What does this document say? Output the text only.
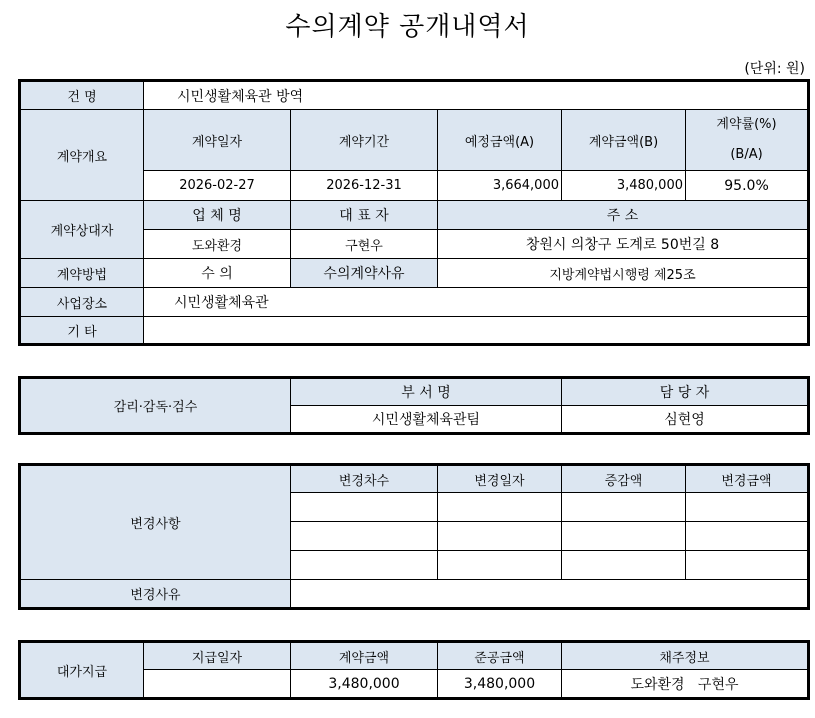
수의계약 공개내역서
(단위: 원)
건 명	시민생활체육관 방역				
계약개요	계약일자	계약기간	예정금액(A)	계약금액(B)	계약률(%)
(B/A)

	2026-02-27	2026-12-31	3,664,000	3,480,000	95.0%
계약상대자	업 체 명	대 표 자	주 소		
	도와환경	구현우	창원시 의창구 도계로 50번길 8		
계약방법	수 의	수의계약사유	지방계약법시행령 제25조		
사업장소	시민생활체육관				
기 타					
감리·감독·검수	부 서 명	담 당 자
	시민생활체육관팀	심현영
변경사항	변경차수	변경일자	증감액	변경금액

변경사유				
대가지급	지급일자	계약금액	준공금액	채주정보
		3,480,000	3,480,000	도와환경   구현우
